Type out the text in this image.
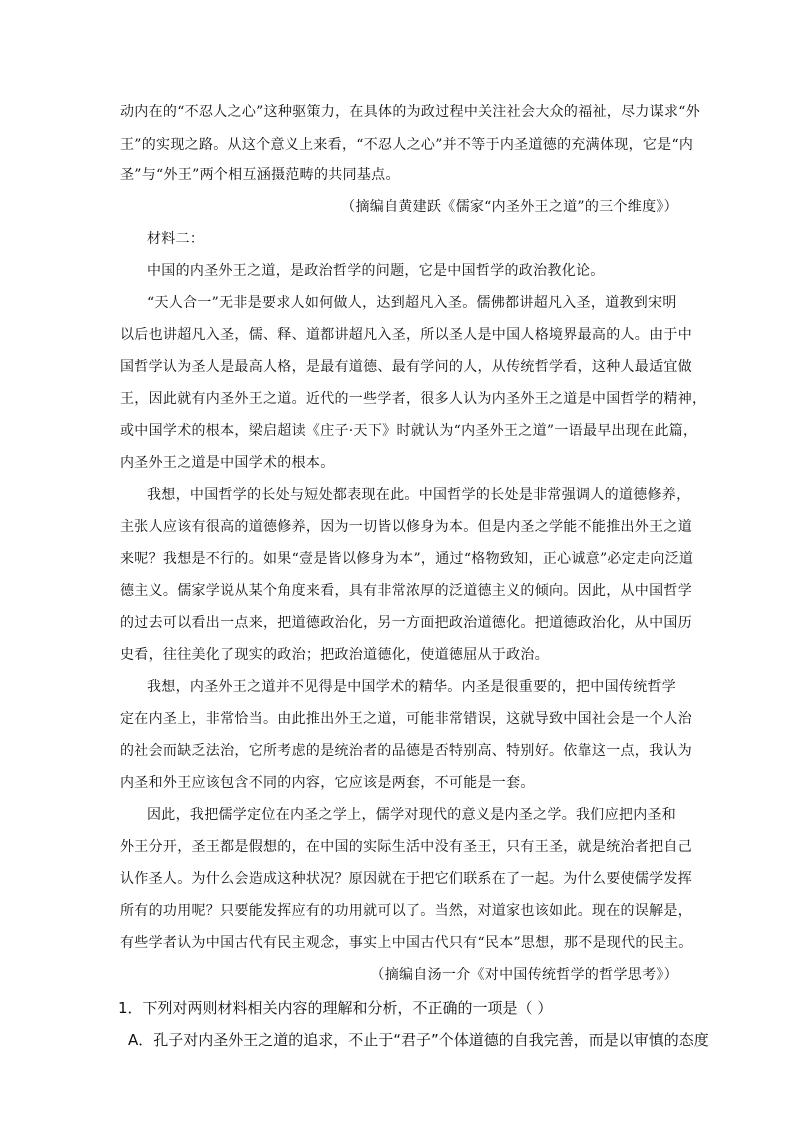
动内在的“不忍人之心”这种驱策力，在具体的为政过程中关注社会大众的福祉，尽力谋求“外
王”的实现之路。从这个意义上来看，“不忍人之心”并不等于内圣道德的充满体现，它是“内
圣”与“外王”两个相互涵摄范畴的共同基点。
（摘编自黄建跃《儒家“内圣外王之道”的三个维度》）
材料二：
中国的内圣外王之道，是政治哲学的问题，它是中国哲学的政治教化论。
“天人合一”无非是要求人如何做人，达到超凡入圣。儒佛都讲超凡入圣，道教到宋明
以后也讲超凡入圣，儒、释、道都讲超凡入圣，所以圣人是中国人格境界最高的人。由于中
国哲学认为圣人是最高人格，是最有道德、最有学问的人，从传统哲学看，这种人最适宜做
王，因此就有内圣外王之道。近代的一些学者，很多人认为内圣外王之道是中国哲学的精神，
或中国学术的根本，梁启超读《庄子·天下》时就认为“内圣外王之道”一语最早出现在此篇，
内圣外王之道是中国学术的根本。
我想，中国哲学的长处与短处都表现在此。中国哲学的长处是非常强调人的道德修养，
主张人应该有很高的道德修养，因为一切皆以修身为本。但是内圣之学能不能推出外王之道
来呢？我想是不行的。如果“壹是皆以修身为本”，通过“格物致知，正心诚意”必定走向泛道
德主义。儒家学说从某个角度来看，具有非常浓厚的泛道德主义的倾向。因此，从中国哲学
的过去可以看出一点来，把道德政治化，另一方面把政治道德化。把道德政治化，从中国历
史看，往往美化了现实的政治；把政治道德化，使道德屈从于政治。
我想，内圣外王之道并不见得是中国学术的精华。内圣是很重要的，把中国传统哲学
定在内圣上，非常恰当。由此推出外王之道，可能非常错误，这就导致中国社会是一个人治
的社会而缺乏法治，它所考虑的是统治者的品德是否特别高、特别好。依靠这一点，我认为
内圣和外王应该包含不同的内容，它应该是两套，不可能是一套。
因此，我把儒学定位在内圣之学上，儒学对现代的意义是内圣之学。我们应把内圣和
外王分开，圣王都是假想的，在中国的实际生活中没有圣王，只有王圣，就是统治者把自己
认作圣人。为什么会造成这种状况？原因就在于把它们联系在了一起。为什么要使儒学发挥
所有的功用呢？只要能发挥应有的功用就可以了。当然，对道家也该如此。现在的误解是，
有些学者认为中国古代有民主观念，事实上中国古代只有“民本”思想，那不是现代的民主。
（摘编自汤一介《对中国传统哲学的哲学思考》）
1．下列对两则材料相关内容的理解和分析，不正确的一项是（ ）
A．孔子对内圣外王之道的追求，不止于“君子”个体道德的自我完善，而是以审慎的态度
